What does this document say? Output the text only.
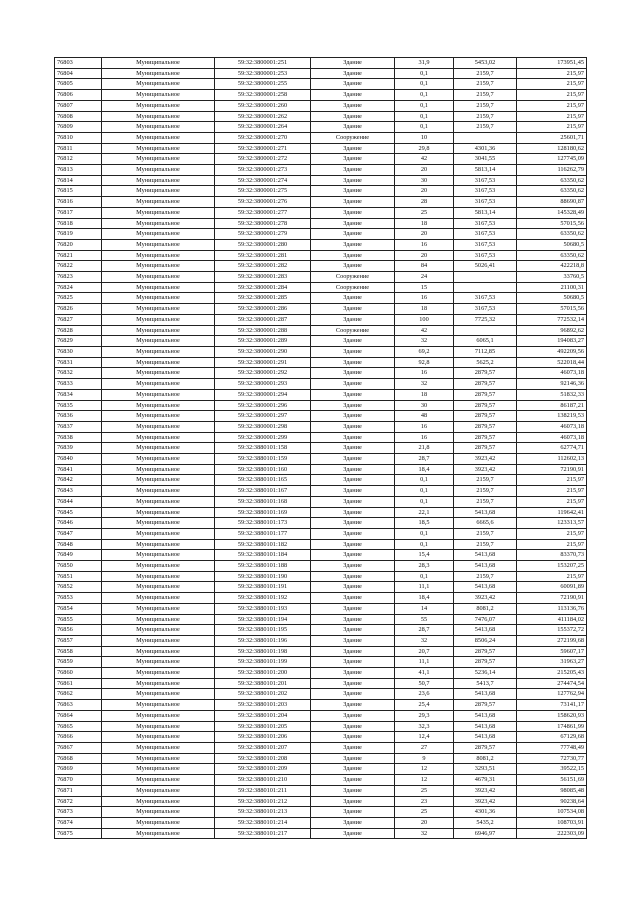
76803	Муниципальное	59:32:3800001:251	Здание	31,9	5453,02	173951,45
76804	Муниципальное	59:32:3800001:253	Здание	0,1	2159,7	215,97
76805	Муниципальное	59:32:3800001:255	Здание	0,1	2159,7	215,97
76806	Муниципальное	59:32:3800001:258	Здание	0,1	2159,7	215,97
76807	Муниципальное	59:32:3800001:260	Здание	0,1	2159,7	215,97
76808	Муниципальное	59:32:3800001:262	Здание	0,1	2159,7	215,97
76809	Муниципальное	59:32:3800001:264	Здание	0,1	2159,7	215,97
76810	Муниципальное	59:32:3800001:270	Сооружение	10		25601,71
76811	Муниципальное	59:32:3800001:271	Здание	29,8	4301,36	128180,62
76812	Муниципальное	59:32:3800001:272	Здание	42	3041,55	127745,09
76813	Муниципальное	59:32:3800001:273	Здание	20	5813,14	116262,79
76814	Муниципальное	59:32:3800001:274	Здание	30	3167,53	63350,62
76815	Муниципальное	59:32:3800001:275	Здание	20	3167,53	63350,62
76816	Муниципальное	59:32:3800001:276	Здание	28	3167,53	88690,87
76817	Муниципальное	59:32:3800001:277	Здание	25	5813,14	145328,49
76818	Муниципальное	59:32:3800001:278	Здание	18	3167,53	57015,56
76819	Муниципальное	59:32:3800001:279	Здание	20	3167,53	63350,62
76820	Муниципальное	59:32:3800001:280	Здание	16	3167,53	50680,5
76821	Муниципальное	59:32:3800001:281	Здание	20	3167,53	63350,62
76822	Муниципальное	59:32:3800001:282	Здание	84	5026,41	422218,8
76823	Муниципальное	59:32:3800001:283	Сооружение	24		33760,5
76824	Муниципальное	59:32:3800001:284	Сооружение	15		21100,31
76825	Муниципальное	59:32:3800001:285	Здание	16	3167,53	50680,5
76826	Муниципальное	59:32:3800001:286	Здание	18	3167,53	57015,56
76827	Муниципальное	59:32:3800001:287	Здание	100	7725,32	772532,14
76828	Муниципальное	59:32:3800001:288	Сооружение	42		96892,62
76829	Муниципальное	59:32:3800001:289	Здание	32	6065,1	194083,27
76830	Муниципальное	59:32:3800001:290	Здание	69,2	7112,85	492209,56
76831	Муниципальное	59:32:3800001:291	Здание	92,8	5625,2	522018,44
76832	Муниципальное	59:32:3800001:292	Здание	16	2879,57	46073,18
76833	Муниципальное	59:32:3800001:293	Здание	32	2879,57	92146,36
76834	Муниципальное	59:32:3800001:294	Здание	18	2879,57	51832,33
76835	Муниципальное	59:32:3800001:296	Здание	30	2879,57	86187,21
76836	Муниципальное	59:32:3800001:297	Здание	48	2879,57	138219,53
76837	Муниципальное	59:32:3800001:298	Здание	16	2879,57	46073,18
76838	Муниципальное	59:32:3800001:299	Здание	16	2879,57	46073,18
76839	Муниципальное	59:32:3880101:158	Здание	21,8	2879,57	62774,71
76840	Муниципальное	59:32:3880101:159	Здание	28,7	3923,42	112602,13
76841	Муниципальное	59:32:3880101:160	Здание	18,4	3923,42	72190,91
76842	Муниципальное	59:32:3880101:165	Здание	0,1	2159,7	215,97
76843	Муниципальное	59:32:3880101:167	Здание	0,1	2159,7	215,97
76844	Муниципальное	59:32:3880101:168	Здание	0,1	2159,7	215,97
76845	Муниципальное	59:32:3880101:169	Здание	22,1	5413,68	119642,41
76846	Муниципальное	59:32:3880101:173	Здание	18,5	6665,6	123313,57
76847	Муниципальное	59:32:3880101:177	Здание	0,1	2159,7	215,97
76848	Муниципальное	59:32:3880101:182	Здание	0,1	2159,7	215,97
76849	Муниципальное	59:32:3880101:184	Здание	15,4	5413,68	83370,73
76850	Муниципальное	59:32:3880101:188	Здание	28,3	5413,68	153207,25
76851	Муниципальное	59:32:3880101:190	Здание	0,1	2159,7	215,97
76852	Муниципальное	59:32:3880101:191	Здание	11,1	5413,68	60091,89
76853	Муниципальное	59:32:3880101:192	Здание	18,4	3923,42	72190,91
76854	Муниципальное	59:32:3880101:193	Здание	14	8081,2	113136,76
76855	Муниципальное	59:32:3880101:194	Здание	55	7476,07	411184,02
76856	Муниципальное	59:32:3880101:195	Здание	28,7	5413,68	155372,72
76857	Муниципальное	59:32:3880101:196	Здание	32	8506,24	272199,68
76858	Муниципальное	59:32:3880101:198	Здание	20,7	2879,57	59607,17
76859	Муниципальное	59:32:3880101:199	Здание	11,1	2879,57	31963,27
76860	Муниципальное	59:32:3880101:200	Здание	41,1	5236,14	215205,43
76861	Муниципальное	59:32:3880101:201	Здание	50,7	5413,7	274474,54
76862	Муниципальное	59:32:3880101:202	Здание	23,6	5413,68	127762,94
76863	Муниципальное	59:32:3880101:203	Здание	25,4	2879,57	73141,17
76864	Муниципальное	59:32:3880101:204	Здание	29,3	5413,68	158620,93
76865	Муниципальное	59:32:3880101:205	Здание	32,3	5413,68	174861,99
76866	Муниципальное	59:32:3880101:206	Здание	12,4	5413,68	67129,68
76867	Муниципальное	59:32:3880101:207	Здание	27	2879,57	77748,49
76868	Муниципальное	59:32:3880101:208	Здание	9	8081,2	72730,77
76869	Муниципальное	59:32:3880101:209	Здание	12	3293,51	39522,15
76870	Муниципальное	59:32:3880101:210	Здание	12	4679,31	56151,69
76871	Муниципальное	59:32:3880101:211	Здание	25	3923,42	98085,48
76872	Муниципальное	59:32:3880101:212	Здание	23	3923,42	90238,64
76873	Муниципальное	59:32:3880101:213	Здание	25	4301,36	107534,08
76874	Муниципальное	59:32:3880101:214	Здание	20	5435,2	108703,91
76875	Муниципальное	59:32:3880101:217	Здание	32	6946,97	222303,09
